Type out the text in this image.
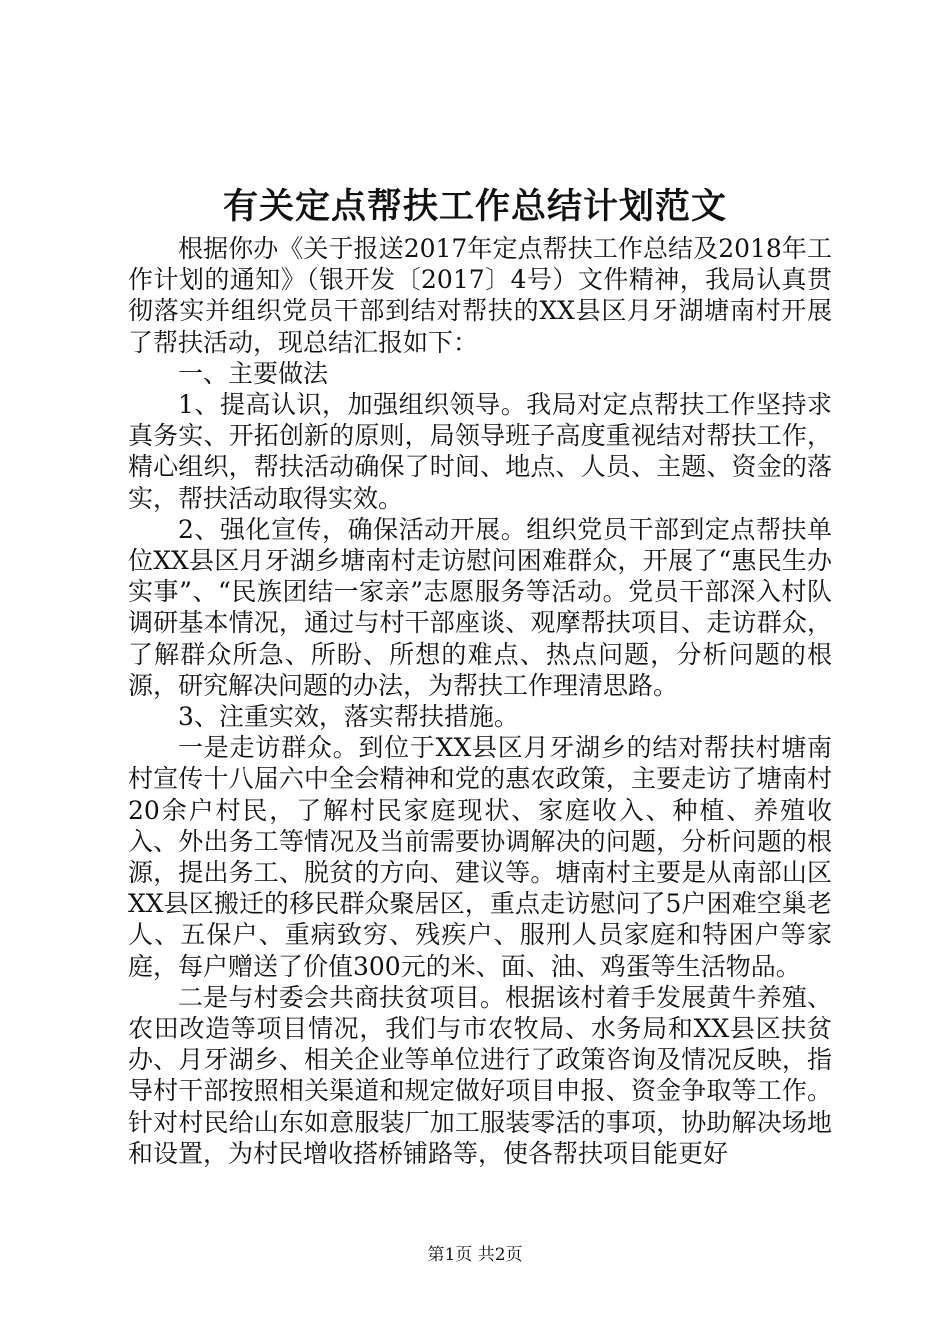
有关定点帮扶工作总结计划范文

根据你办《关于报送2017年定点帮扶工作总结及2018年工作计划的通知》（银开发〔2017〕4号）文件精神，我局认真贯彻落实并组织党员干部到结对帮扶的XX县区月牙湖塘南村开展了帮扶活动，现总结汇报如下：

一、主要做法

1、提高认识，加强组织领导。我局对定点帮扶工作坚持求真务实、开拓创新的原则，局领导班子高度重视结对帮扶工作，精心组织，帮扶活动确保了时间、地点、人员、主题、资金的落实，帮扶活动取得实效。

2、强化宣传，确保活动开展。组织党员干部到定点帮扶单位XX县区月牙湖乡塘南村走访慰问困难群众，开展了“惠民生办实事”、“民族团结一家亲”志愿服务等活动。党员干部深入村队调研基本情况，通过与村干部座谈、观摩帮扶项目、走访群众，了解群众所急、所盼、所想的难点、热点问题，分析问题的根源，研究解决问题的办法，为帮扶工作理清思路。

3、注重实效，落实帮扶措施。

一是走访群众。到位于XX县区月牙湖乡的结对帮扶村塘南村宣传十八届六中全会精神和党的惠农政策，主要走访了塘南村20余户村民，了解村民家庭现状、家庭收入、种植、养殖收入、外出务工等情况及当前需要协调解决的问题，分析问题的根源，提出务工、脱贫的方向、建议等。塘南村主要是从南部山区XX县区搬迁的移民群众聚居区，重点走访慰问了5户困难空巢老人、五保户、重病致穷、残疾户、服刑人员家庭和特困户等家庭，每户赠送了价值300元的米、面、油、鸡蛋等生活物品。

二是与村委会共商扶贫项目。根据该村着手发展黄牛养殖、农田改造等项目情况，我们与市农牧局、水务局和XX县区扶贫办、月牙湖乡、相关企业等单位进行了政策咨询及情况反映，指导村干部按照相关渠道和规定做好项目申报、资金争取等工作。针对村民给山东如意服装厂加工服装零活的事项，协助解决场地和设置，为村民增收搭桥铺路等，使各帮扶项目能更好

第1页 共2页
